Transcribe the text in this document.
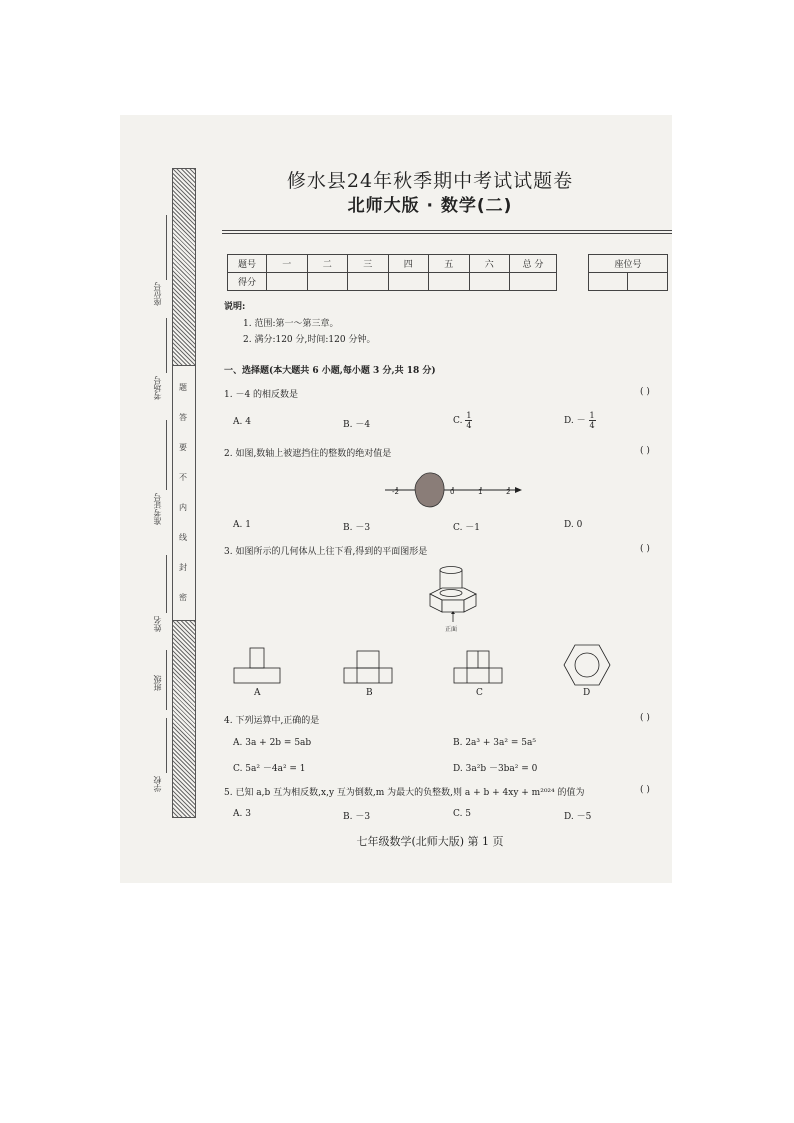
题
答
要
不
内
线
封
密
座位号
考场号
准考证号
姓名
班级
学校
修水县24年秋季期中考试试题卷
北师大版 · 数学(二)
题号	一	二	三	四	五	六	总 分
得分							
座位号

说明:
1. 范围:第一～第三章。
2. 满分:120 分,时间:120 分钟。
一、选择题(本大题共 6 小题,每小题 3 分,共 18 分)
1. －4 的相反数是	( )
A. 4	B. －4	C. $\frac{1}{4}$	D. － $\frac{1}{4}$
2. 如图,数轴上被遮挡住的整数的绝对值是	( )
-2	0	1	2
A. 1	B. －3	C. －1	D. 0
3. 如图所示的几何体从上往下看,得到的平面图形是	( )
正面
A	B	C	D
4. 下列运算中,正确的是	( )
A. 3a + 2b = 5ab	B. 2a³ + 3a² = 5a⁵
C. 5a² －4a² = 1	D. 3a²b －3ba² = 0
5. 已知 a,b 互为相反数,x,y 互为倒数,m 为最大的负整数,则 a + b + 4xy + m²⁰²⁴ 的值为	( )
A. 3	B. －3	C. 5	D. －5
七年级数学(北师大版) 第 1 页
